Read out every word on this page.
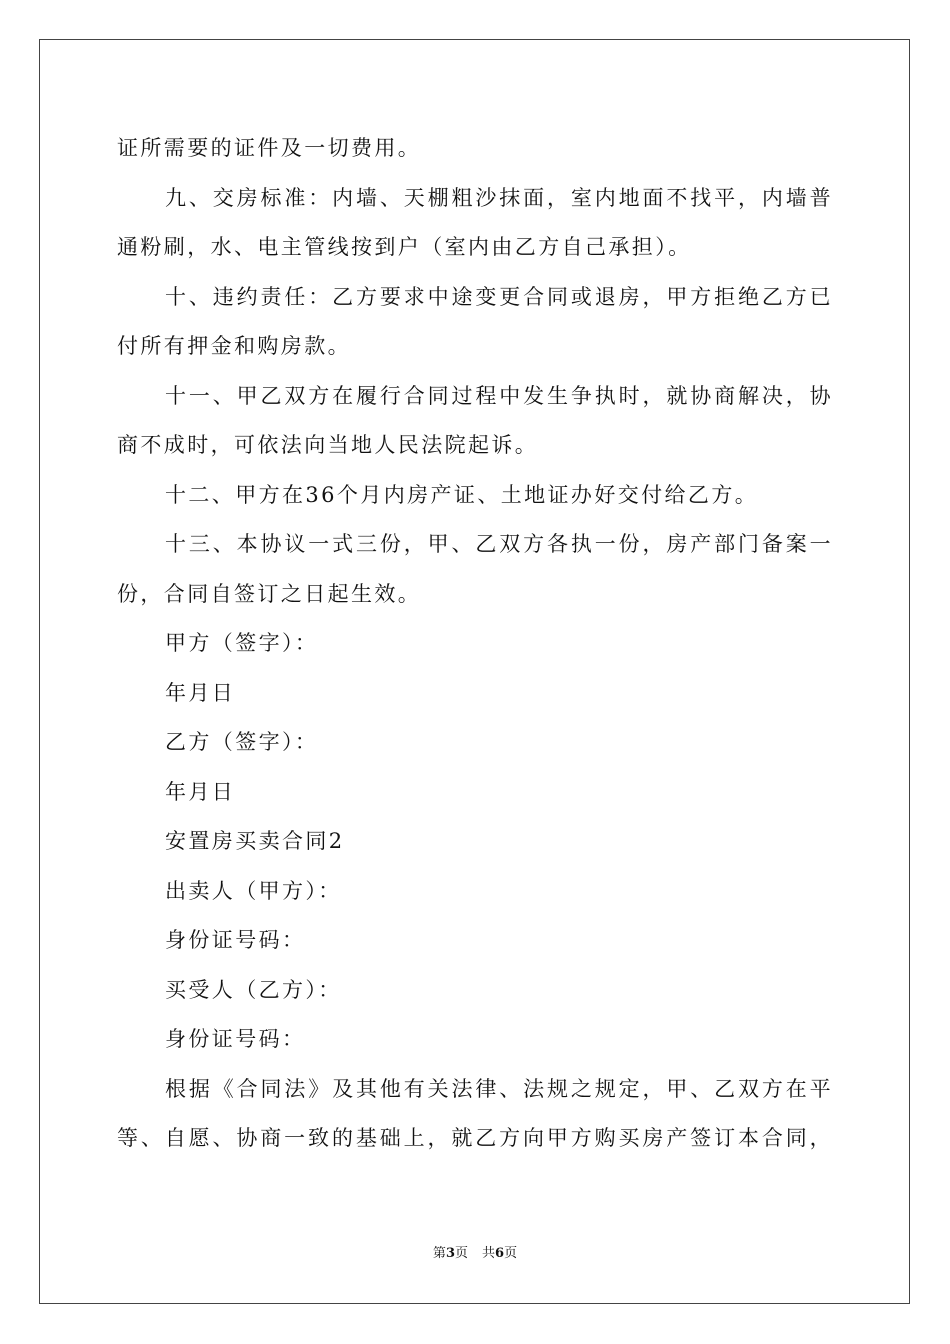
证所需要的证件及一切费用。
九、交房标准：内墙、天棚粗沙抹面，室内地面不找平，内墙普
通粉刷，水、电主管线按到户（室内由乙方自己承担）。
十、违约责任：乙方要求中途变更合同或退房，甲方拒绝乙方已
付所有押金和购房款。
十一、甲乙双方在履行合同过程中发生争执时，就协商解决，协
商不成时，可依法向当地人民法院起诉。
十二、甲方在36个月内房产证、土地证办好交付给乙方。
十三、本协议一式三份，甲、乙双方各执一份，房产部门备案一
份，合同自签订之日起生效。
甲方（签字）：
年月日
乙方（签字）：
年月日
安置房买卖合同2
出卖人（甲方）：
身份证号码：
买受人（乙方）：
身份证号码：
根据《合同法》及其他有关法律、法规之规定，甲、乙双方在平
等、自愿、协商一致的基础上，就乙方向甲方购买房产签订本合同，
第3页 共6页
